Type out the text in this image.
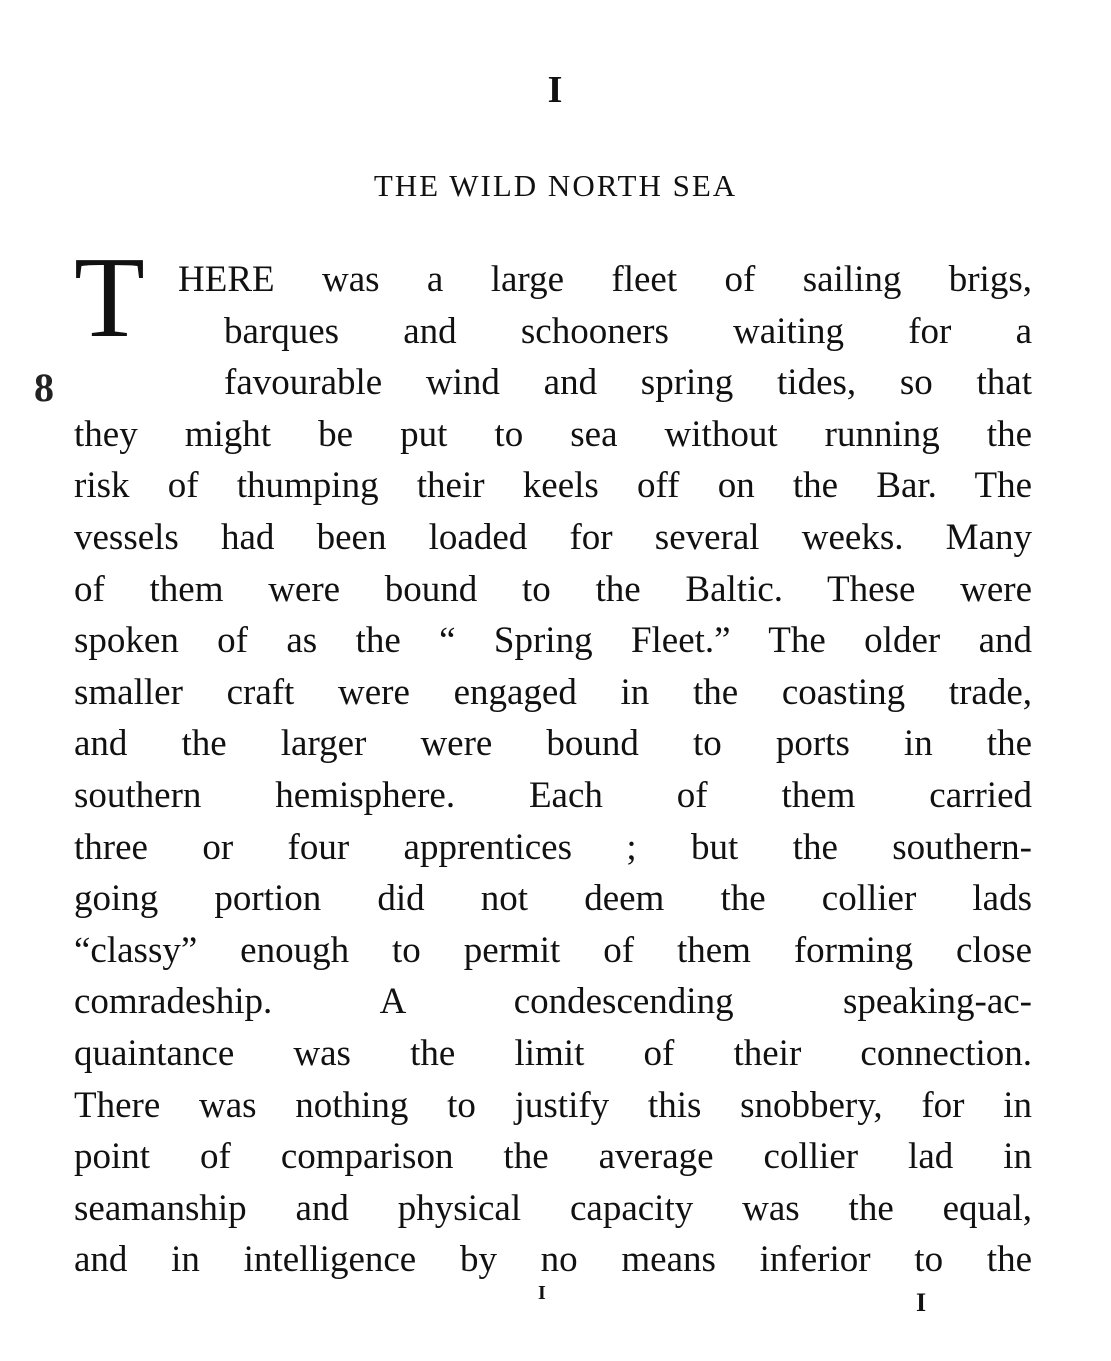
I
THE WILD NORTH SEA
8
T HERE was a large fleet of sailing brigs,
barques and schooners waiting for a
favourable wind and spring tides, so that
they might be put to sea without running the
risk of thumping their keels off on the Bar. The
vessels had been loaded for several weeks. Many
of them were bound to the Baltic. These were
spoken of as the “ Spring Fleet.” The older and
smaller craft were engaged in the coasting trade,
and the larger were bound to ports in the
southern hemisphere. Each of them carried
three or four apprentices ; but the southern-
going portion did not deem the collier lads
“classy” enough to permit of them forming close
comradeship. A condescending speaking-ac-
quaintance was the limit of their connection.
There was nothing to justify this snobbery, for in
point of comparison the average collier lad in
seamanship and physical capacity was the equal,
and in intelligence by no means inferior to the
I	I
